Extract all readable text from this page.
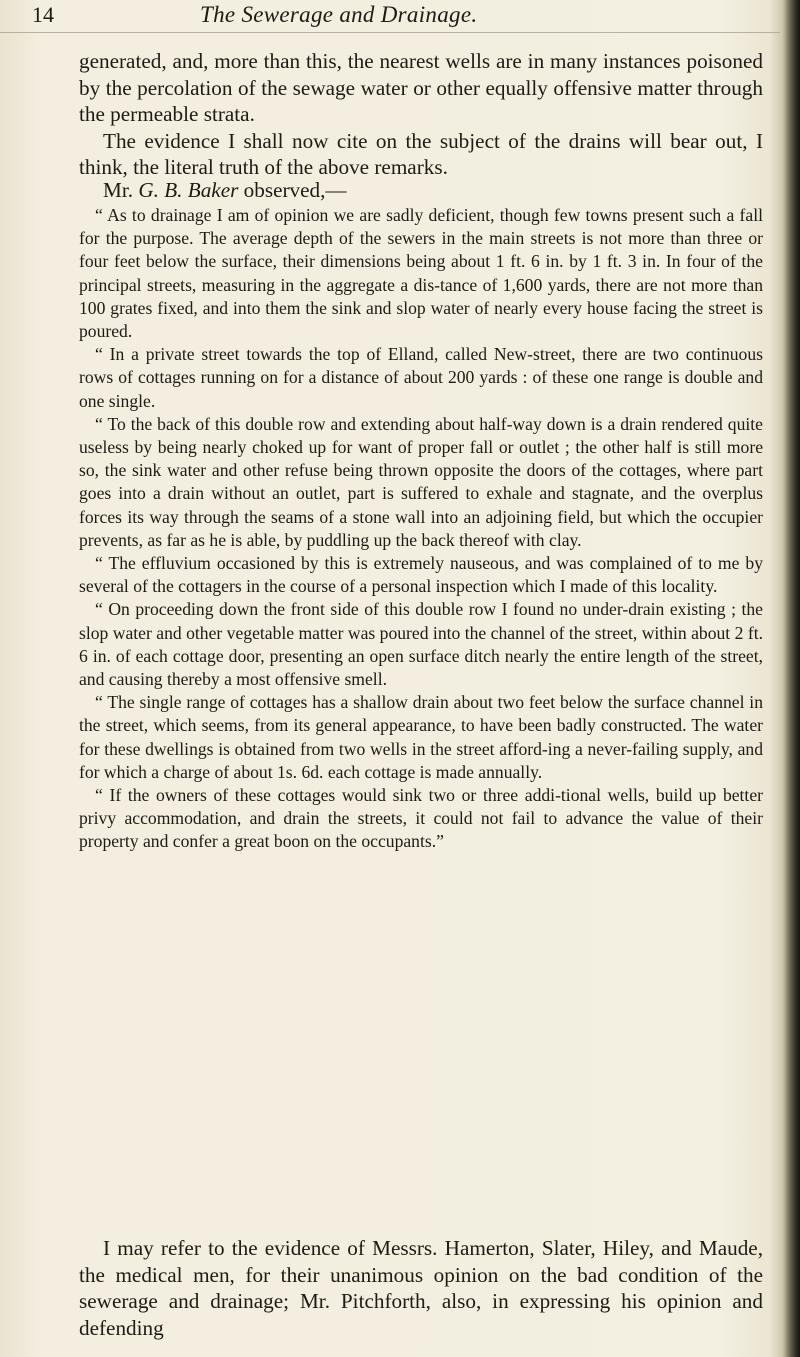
14	The Sewerage and Drainage.

generated, and, more than this, the nearest wells are in many instances poisoned by the percolation of the sewage water or other equally offensive matter through the permeable strata.

The evidence I shall now cite on the subject of the drains will bear out, I think, the literal truth of the above remarks.

Mr. G. B. Baker observed,—

“ As to drainage I am of opinion we are sadly deficient, though few towns present such a fall for the purpose. The average depth of the sewers in the main streets is not more than three or four feet below the surface, their dimensions being about 1 ft. 6 in. by 1 ft. 3 in. In four of the principal streets, measuring in the aggregate a dis-tance of 1,600 yards, there are not more than 100 grates fixed, and into them the sink and slop water of nearly every house facing the street is poured.

“ In a private street towards the top of Elland, called New-street, there are two continuous rows of cottages running on for a distance of about 200 yards : of these one range is double and one single.

“ To the back of this double row and extending about half-way down is a drain rendered quite useless by being nearly choked up for want of proper fall or outlet ; the other half is still more so, the sink water and other refuse being thrown opposite the doors of the cottages, where part goes into a drain without an outlet, part is suffered to exhale and stagnate, and the overplus forces its way through the seams of a stone wall into an adjoining field, but which the occupier prevents, as far as he is able, by puddling up the back thereof with clay.

“ The effluvium occasioned by this is extremely nauseous, and was complained of to me by several of the cottagers in the course of a personal inspection which I made of this locality.

“ On proceeding down the front side of this double row I found no under-drain existing ; the slop water and other vegetable matter was poured into the channel of the street, within about 2 ft. 6 in. of each cottage door, presenting an open surface ditch nearly the entire length of the street, and causing thereby a most offensive smell.

“ The single range of cottages has a shallow drain about two feet below the surface channel in the street, which seems, from its general appearance, to have been badly constructed. The water for these dwellings is obtained from two wells in the street afford-ing a never-failing supply, and for which a charge of about 1s. 6d. each cottage is made annually.

“ If the owners of these cottages would sink two or three addi-tional wells, build up better privy accommodation, and drain the streets, it could not fail to advance the value of their property and confer a great boon on the occupants.”

I may refer to the evidence of Messrs. Hamerton, Slater, Hiley, and Maude, the medical men, for their unanimous opinion on the bad condition of the sewerage and drainage; Mr. Pitchforth, also, in expressing his opinion and defending
